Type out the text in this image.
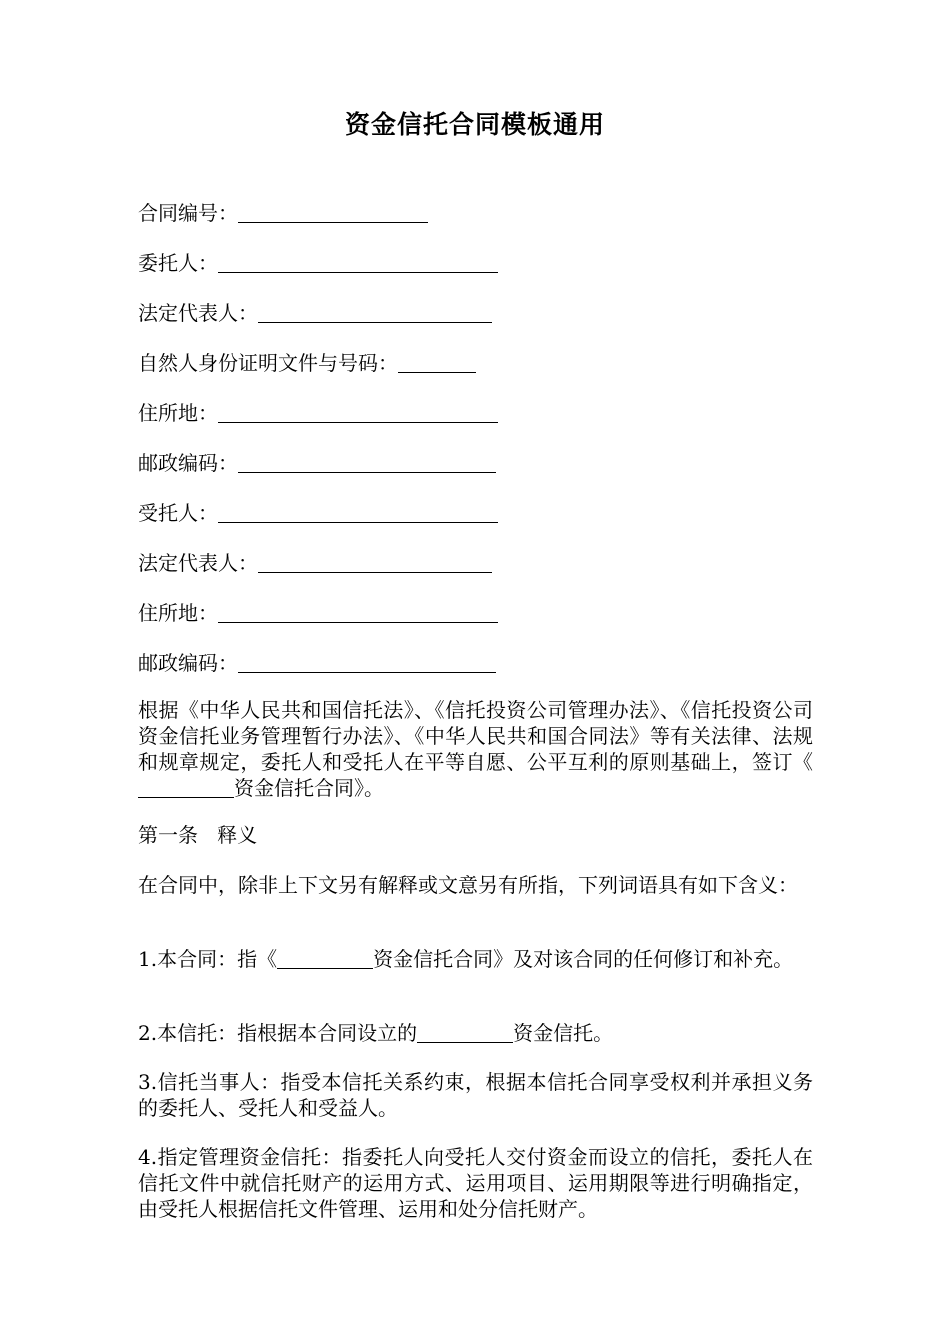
资金信托合同模板通用
合同编号：
委托人：
法定代表人：
自然人身份证明文件与号码：
住所地：
邮政编码：
受托人：
法定代表人：
住所地：
邮政编码：
根据《中华人民共和国信托法》、《信托投资公司管理办法》、《信托投资公司资金信托业务管理暂行办法》、《中华人民共和国合同法》等有关法律、法规和规章规定，委托人和受托人在平等自愿、公平互利的原则基础上，签订《资金信托合同》。
第一条   释义
在合同中，除非上下文另有解释或文意另有所指，下列词语具有如下含义：
1.本合同：指《	资金信托合同》及对该合同的任何修订和补充。
2.本信托：指根据本合同设立的	资金信托。
3.信托当事人：指受本信托关系约束，根据本信托合同享受权利并承担义务的委托人、受托人和受益人。
4.指定管理资金信托：指委托人向受托人交付资金而设立的信托，委托人在信托文件中就信托财产的运用方式、运用项目、运用期限等进行明确指定，由受托人根据信托文件管理、运用和处分信托财产。
